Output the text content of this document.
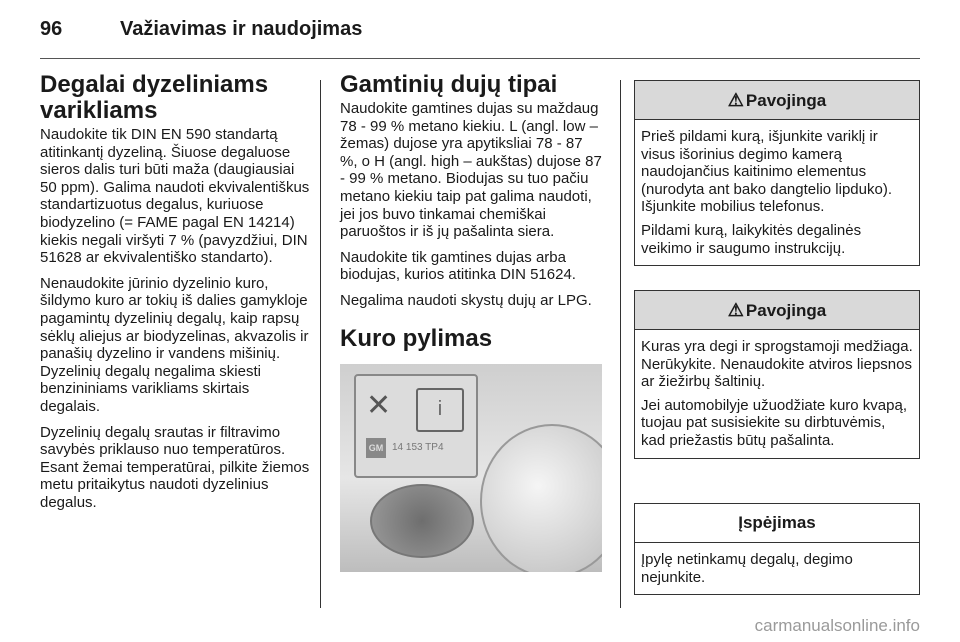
96	Važiavimas ir naudojimas
Degalai dyzeliniams varikliams

Naudokite tik DIN EN 590 standartą atitinkantį dyzeliną. Šiuose degaluose sieros dalis turi būti maža (daugiausiai 50 ppm). Galima naudoti ekvivalentiškus standartizuotus degalus, kuriuose biodyzelino (= FAME pagal EN 14214) kiekis negali viršyti 7 % (pavyzdžiui, DIN 51628 ar ekvivalentiško standarto).

Nenaudokite jūrinio dyzelinio kuro, šildymo kuro ar tokių iš dalies gamykloje pagamintų dyzelinių degalų, kaip rapsų sėklų aliejus ar biodyzelinas, akvazolis ir panašių dyzelino ir vandens mišinių. Dyzelinių degalų negalima skiesti benzininiams varikliams skirtais degalais.

Dyzelinių degalų srautas ir filtravimo savybės priklauso nuo temperatūros. Esant žemai temperatūrai, pilkite žiemos metu pritaikytus naudoti dyzelinius degalus.

Gamtinių dujų tipai

Naudokite gamtines dujas su maždaug 78 - 99 % metano kiekiu. L (angl. low – žemas) dujose yra apytiksliai 78 - 87 %, o H (angl. high – aukštas) dujose 87 - 99 % metano. Biodujas su tuo pačiu metano kiekiu taip pat galima naudoti, jei jos buvo tinkamai chemiškai paruoštos ir iš jų pašalinta siera.

Naudokite tik gamtines dujas arba biodujas, kurios atitinka DIN 51624.

Negalima naudoti skystų dujų ar LPG.

Kuro pylimas
✕	i
GM 14 153 TP4
⚠ Pavojinga

Prieš pildami kurą, išjunkite variklį ir visus išorinius degimo kamerą naudojančius kaitinimo elementus (nurodyta ant bako dangtelio lipduko). Išjunkite mobilius telefonus.

Pildami kurą, laikykitės degalinės veikimo ir saugumo instrukcijų.

⚠ Pavojinga

Kuras yra degi ir sprogstamoji medžiaga. Nerūkykite. Nenaudokite atviros liepsnos ar žiežirbų šaltinių.

Jei automobilyje užuodžiate kuro kvapą, tuojau pat susisiekite su dirbtuvėmis, kad priežastis būtų pašalinta.

Įspėjimas

Įpylę netinkamų degalų, degimo nejunkite.

carmanualsonline.info
